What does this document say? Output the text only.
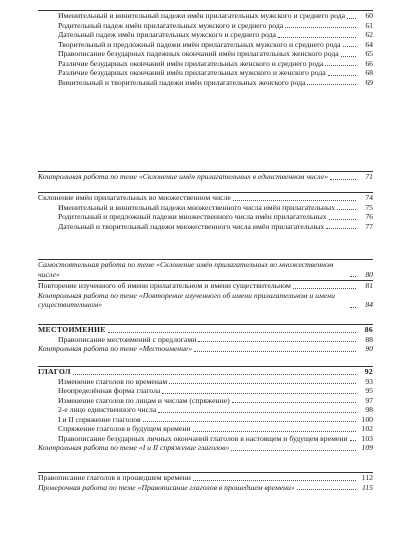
Именительный и винительный падежи имён прилагательных мужского и среднего рода	60
Родительный падеж имён прилагательных мужского и среднего рода	61
Дательный падеж имён прилагательных мужского и среднего рода	62
Творительный и предложный падежи имён прилагательных мужского и среднего рода	64
Правописание безударных падежных окончаний имён прилагательных женского рода	65
Различие безударных окончаний имён прилагательных женского и среднего рода	66
Различие безударных окончаний имён прилагательных мужского и женского рода	68
Винительный и творительный падежи имён прилагательных женского рода	69
Контрольная работа по теме «Склонение имён прилагательных в единственном числе»	71
Склонение имён прилагательных во множественном числе	74
Именительный и винительный падежи множественного числа имён прилагательных	75
Родительный и предложный падежи множественного числа имён прилагательных	76
Дательный и творительный падежи множественного числа имён прилагательных	77
Самостоятельная работа по теме «Склонение имён прилагательных во множественном числе»	80
Повторение изученного об имени прилагательном и имени существительном	81
Контрольная работа по теме «Повторение изученного об имени прилагательном и имени существительном»	84
МЕСТОИМЕНИЕ	86
Правописание местоимений с предлогами	88
Контрольная работа по теме «Местоимение»	90
ГЛАГОЛ	92
Изменение глаголов по временам	93
Неопределённая форма глагола	95
Изменение глаголов по лицам и числам (спряжение)	97
2-е лицо единственного числа	98
I и II спряжение глаголов	100
Спряжение глаголов в будущем времени	102
Правописание безударных личных окончаний глаголов в настоящем и будущем времени	103
Контрольная работа по теме «I и II спряжение глаголов»	109
Правописание глаголов в прошедшем времени	112
Проверочная работа по теме «Правописание глаголов в прошедшем времени»	115
